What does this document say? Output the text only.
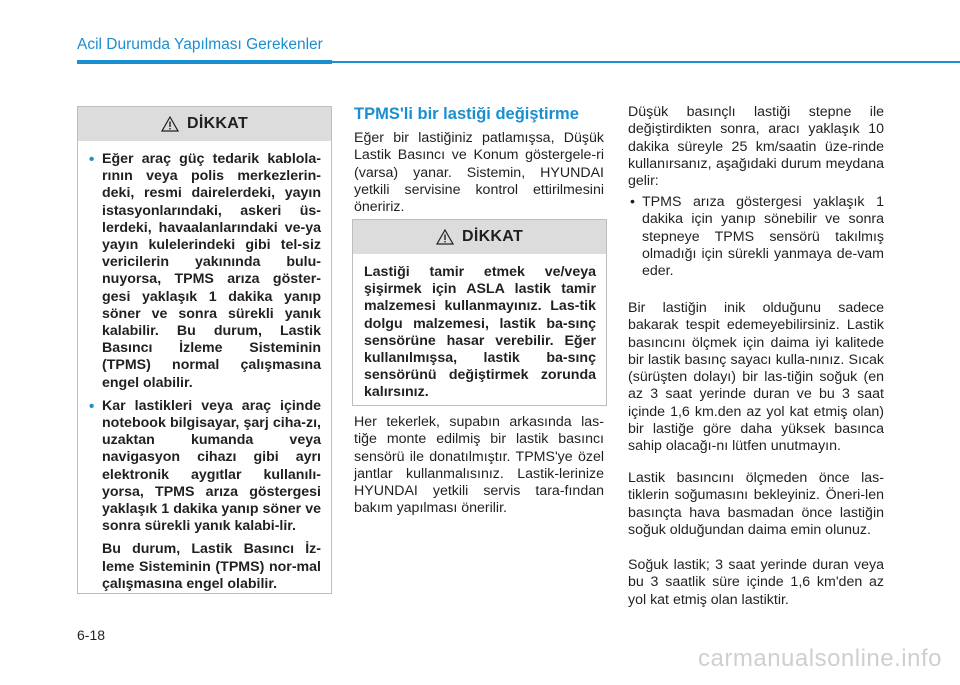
Acil Durumda Yapılması Gerekenler
DİKKAT
• Eğer araç güç tedarik kablola-rının veya polis merkezlerin-deki, resmi dairelerdeki, yayın istasyonlarındaki, askeri üs-lerdeki, havaalanlarındaki ve-ya yayın kulelerindeki gibi tel-siz vericilerin yakınında bulu-nuyorsa, TPMS arıza göster-gesi yaklaşık 1 dakika yanıp söner ve sonra sürekli yanık kalabilir. Bu durum, Lastik Basıncı İzleme Sisteminin (TPMS) normal çalışmasına engel olabilir.
• Kar lastikleri veya araç içinde notebook bilgisayar, şarj ciha-zı, uzaktan kumanda veya navigasyon cihazı gibi ayrı elektronik aygıtlar kullanılı-yorsa, TPMS arıza göstergesi yaklaşık 1 dakika yanıp söner ve sonra sürekli yanık kalabi-lir.
Bu durum, Lastik Basıncı İz-leme Sisteminin (TPMS) nor-mal çalışmasına engel olabilir.
TPMS'li bir lastiği değiştirme

Eğer bir lastiğiniz patlamışsa, Düşük Lastik Basıncı ve Konum göstergele-ri (varsa) yanar. Sistemin, HYUNDAI yetkili servisine kontrol ettirilmesini öneririz.

DİKKAT
Lastiği tamir etmek ve/veya şişirmek için ASLA lastik tamir malzemesi kullanmayınız. Las-tik dolgu malzemesi, lastik ba-sınç sensörüne hasar verebilir. Eğer kullanılmışsa, lastik ba-sınç sensörünü değiştirmek zorunda kalırsınız.

Her tekerlek, supabın arkasında las-tiğe monte edilmiş bir lastik basıncı sensörü ile donatılmıştır. TPMS'ye özel jantlar kullanmalısınız. Lastik-lerinize HYUNDAI yetkili servis tara-fından bakım yapılması önerilir.

Düşük basınçlı lastiği stepne ile değiştirdikten sonra, aracı yaklaşık 10 dakika süreyle 25 km/saatin üze-rinde kullanırsanız, aşağıdaki durum meydana gelir:

• TPMS arıza göstergesi yaklaşık 1 dakika için yanıp sönebilir ve sonra stepneye TPMS sensörü takılmış olmadığı için sürekli yanmaya de-vam eder.

Bir lastiğin inik olduğunu sadece bakarak tespit edemeyebilirsiniz. Lastik basıncını ölçmek için daima iyi kalitede bir lastik basınç sayacı kulla-nınız. Sıcak (sürüşten dolayı) bir las-tiğin soğuk (en az 3 saat yerinde duran ve bu 3 saat içinde 1,6 km.den az yol kat etmiş olan) bir lastiğe göre daha yüksek basınca sahip olacağı-nı lütfen unutmayın.

Lastik basıncını ölçmeden önce las-tiklerin soğumasını bekleyiniz. Öneri-len basınçta hava basmadan önce lastiğin soğuk olduğundan daima emin olunuz.

Soğuk lastik; 3 saat yerinde duran veya bu 3 saatlik süre içinde 1,6 km'den az yol kat etmiş olan lastiktir.

6-18
carmanualsonline.info
